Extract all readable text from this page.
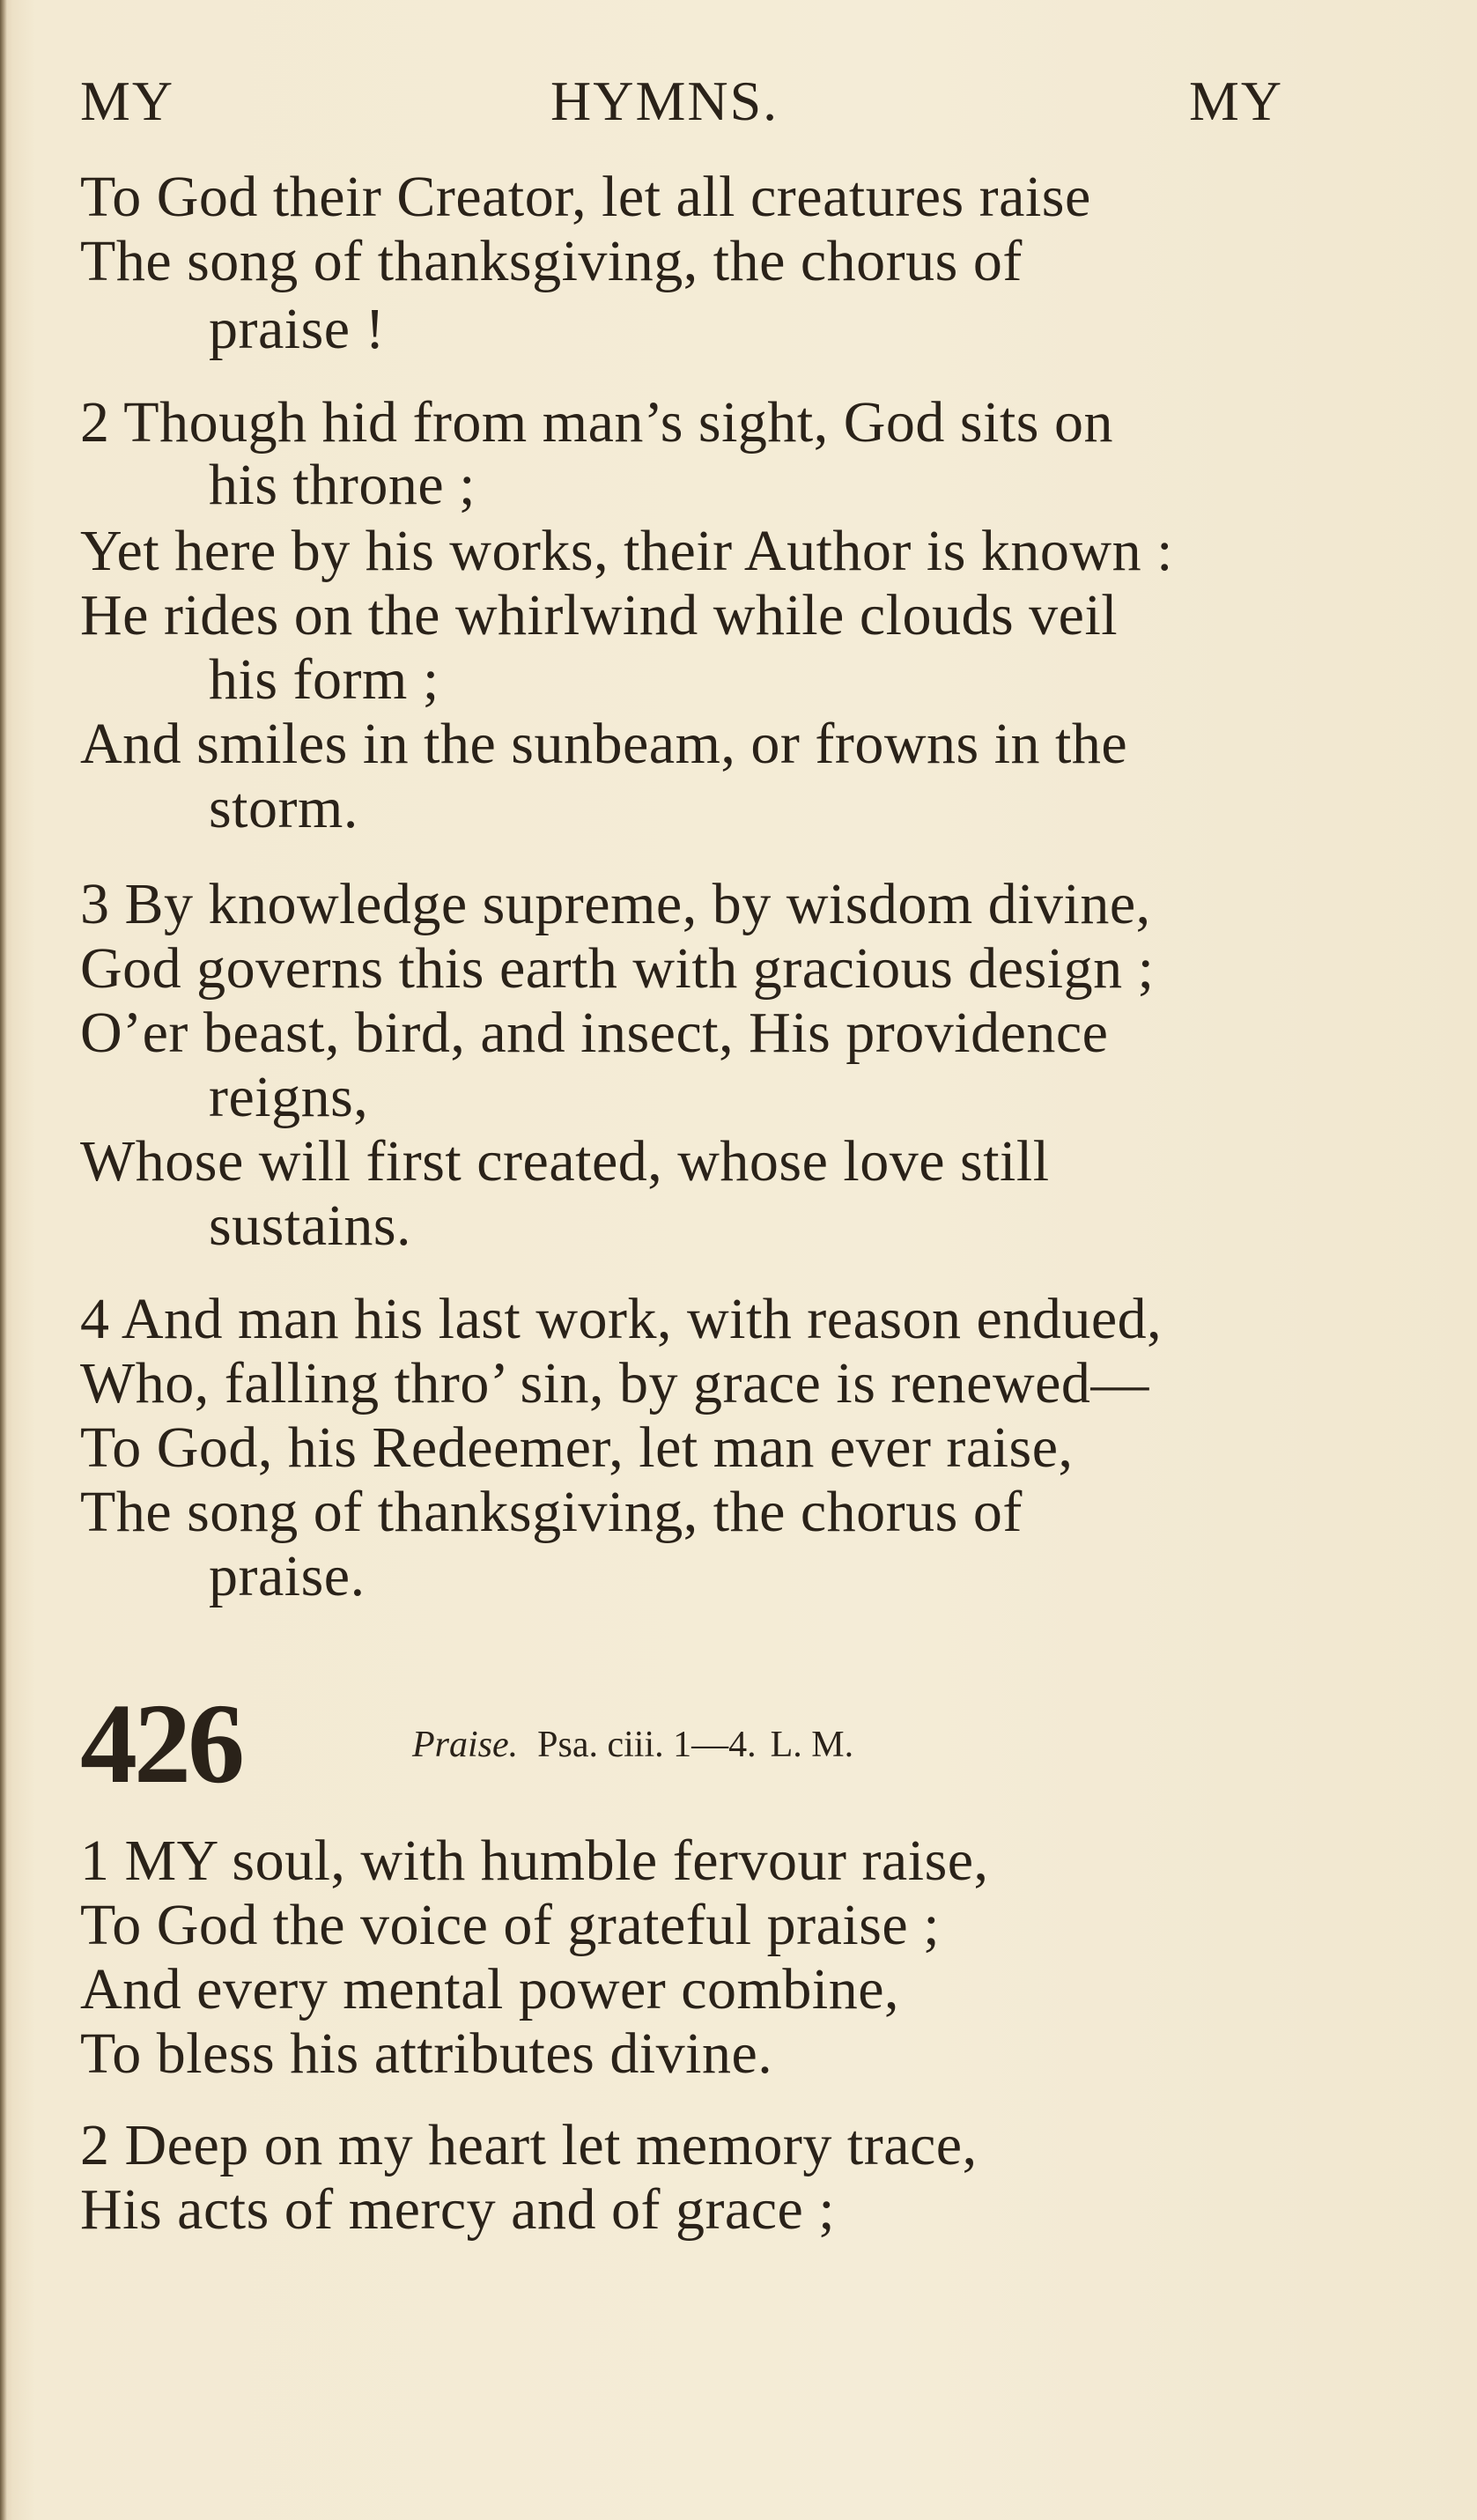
MY	HYMNS.	MY
To God their Creator, let all creatures raise
The song of thanksgiving, the chorus of
praise !
2 Though hid from man’s sight, God sits on
his throne ;
Yet here by his works, their Author is known :
He rides on the whirlwind while clouds veil
his form ;
And smiles in the sunbeam, or frowns in the
storm.
3 By knowledge supreme, by wisdom divine,
God governs this earth with gracious design ;
O’er beast, bird, and insect, His providence
reigns,
Whose will first created, whose love still
sustains.
4 And man his last work, with reason endued,
Who, falling thro’ sin, by grace is renewed—
To God, his Redeemer, let man ever raise,
The song of thanksgiving, the chorus of
praise.
426	Praise. Psa. ciii. 1—4. L. M.
1 MY soul, with humble fervour raise,
To God the voice of grateful praise ;
And every mental power combine,
To bless his attributes divine.
2 Deep on my heart let memory trace,
His acts of mercy and of grace ;
